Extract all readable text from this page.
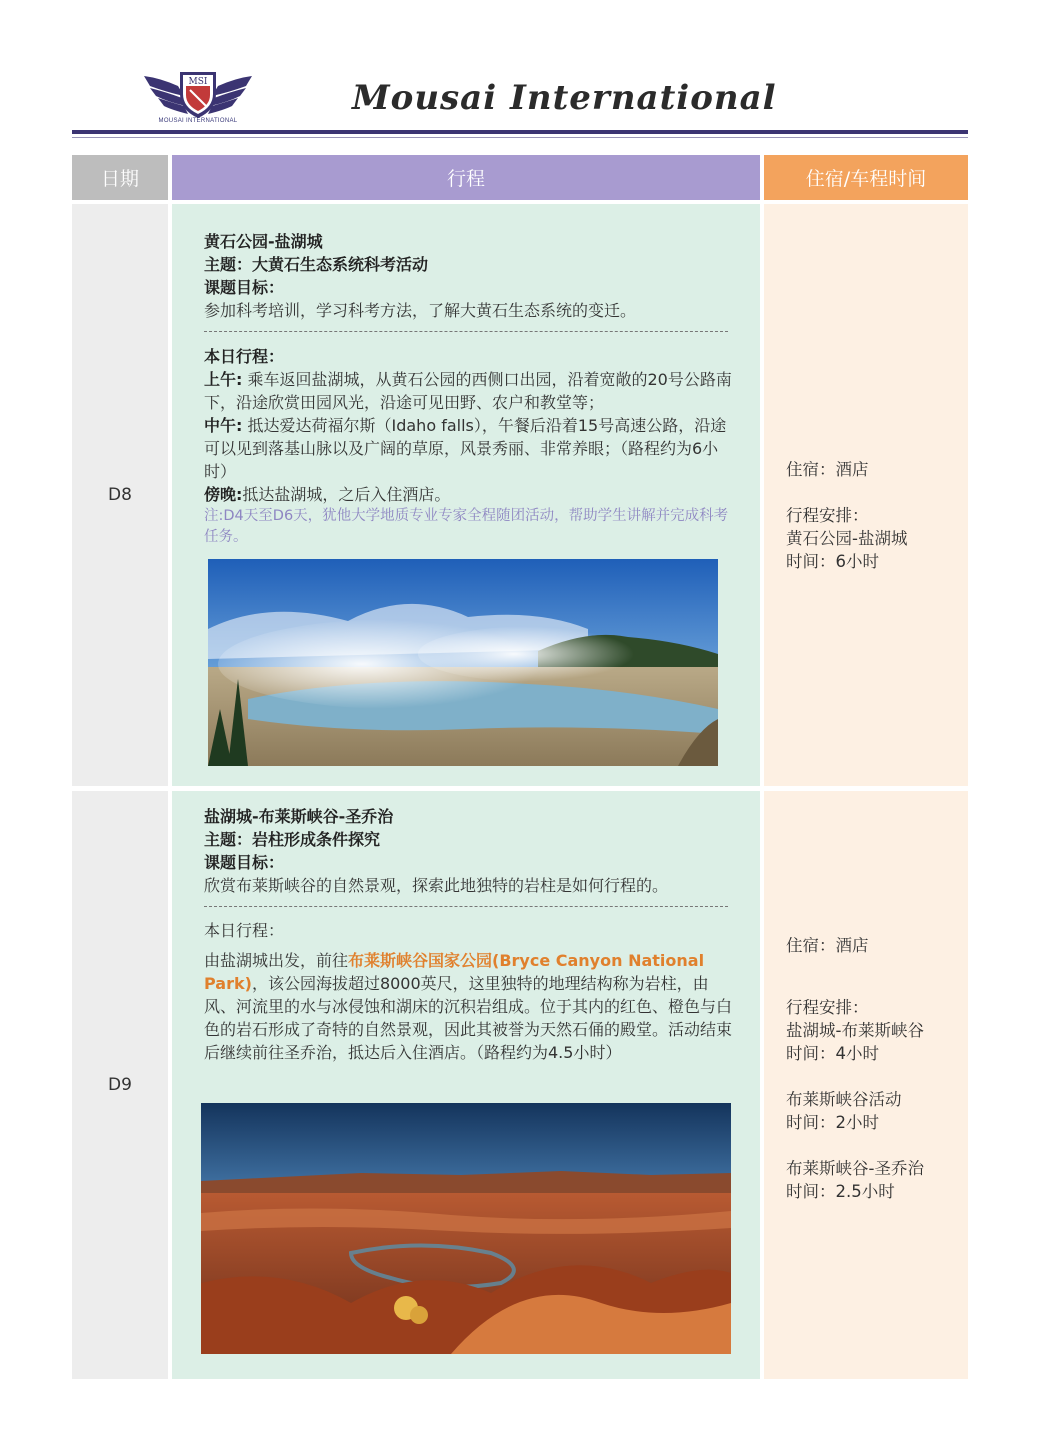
MSI
MOUSAI INTERNATIONAL
Mousai International
日期	行程	住宿/车程时间
D8

黄石公园-盐湖城

主题：大黄石生态系统科考活动

课题目标：

参加科考培训，学习科考方法，了解大黄石生态系统的变迁。

本日行程：

上午: 乘车返回盐湖城，从黄石公园的西侧口出园，沿着宽敞的20号公路南下，沿途欣赏田园风光，沿途可见田野、农户和教堂等；

中午: 抵达爱达荷福尔斯（Idaho falls），午餐后沿着15号高速公路，沿途可以见到落基山脉以及广阔的草原，风景秀丽、非常养眼；（路程约为6小时）

傍晚:抵达盐湖城，之后入住酒店。

注:D4天至D6天，犹他大学地质专业专家全程随团活动，帮助学生讲解并完成科考任务。

住宿：酒店

行程安排：

黄石公园-盐湖城

时间：6小时

D9

盐湖城-布莱斯峡谷-圣乔治

主题：岩柱形成条件探究

课题目标：

欣赏布莱斯峡谷的自然景观，探索此地独特的岩柱是如何行程的。

本日行程：

由盐湖城出发，前往布莱斯峡谷国家公园(Bryce Canyon National Park)，该公园海拔超过8000英尺，这里独特的地理结构称为岩柱，由风、河流里的水与冰侵蚀和湖床的沉积岩组成。位于其内的红色、橙色与白色的岩石形成了奇特的自然景观，因此其被誉为天然石俑的殿堂。活动结束后继续前往圣乔治，抵达后入住酒店。（路程约为4.5小时）

住宿：酒店

行程安排：

盐湖城-布莱斯峡谷

时间：4小时

布莱斯峡谷活动

时间：2小时

布莱斯峡谷-圣乔治

时间：2.5小时
